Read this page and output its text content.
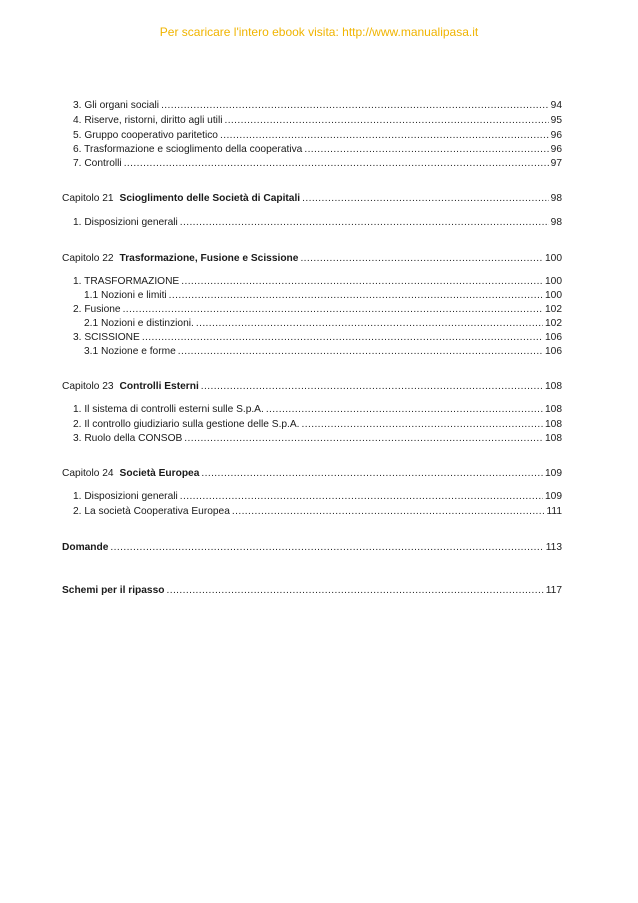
Per scaricare l'intero ebook visita: http://www.manualipasa.it
3. Gli organi sociali .....	94
4. Riserve, ristorni, diritto agli utili .....	95
5. Gruppo cooperativo paritetico .....	96
6. Trasformazione e scioglimento della cooperativa .....	96
7. Controlli .....	97
Capitolo 21 Scioglimento delle Società di Capitali .....	98
1. Disposizioni generali .....	98
Capitolo 22 Trasformazione, Fusione e Scissione .....	100
1. TRASFORMAZIONE .....	100
1.1 Nozioni e limiti .....	100
2. Fusione .....	102
2.1 Nozioni e distinzioni. .....	102
3. SCISSIONE .....	106
3.1 Nozione e forme .....	106
Capitolo 23 Controlli Esterni .....	108
1. Il sistema di controlli esterni sulle S.p.A. .....	108
2. Il controllo giudiziario sulla gestione delle S.p.A. .....	108
3. Ruolo della CONSOB .....	108
Capitolo 24 Società Europea .....	109
1. Disposizioni generali .....	109
2. La società Cooperativa Europea .....	111
Domande .....	113
Schemi per il ripasso .....	117
